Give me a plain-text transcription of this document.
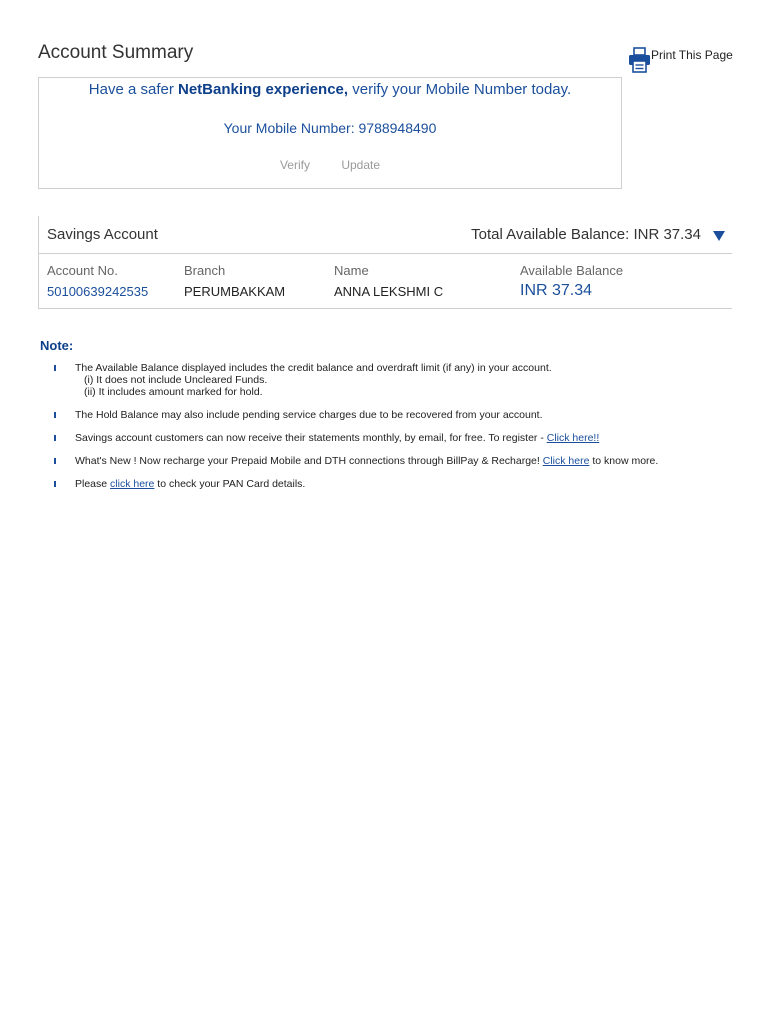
Account Summary	Print This Page
Have a safer NetBanking experience, verify your Mobile Number today.
Your Mobile Number: 9788948490
Verify	Update
Savings Account	Total Available Balance: INR 37.34
Account No.	Branch	Name	Available Balance
50100639242535	PERUMBAKKAM	ANNA LEKSHMI C	INR 37.34
Note:
The Available Balance displayed includes the credit balance and overdraft limit (if any) in your account.
(i) It does not include Uncleared Funds.
(ii) It includes amount marked for hold.
The Hold Balance may also include pending service charges due to be recovered from your account.
Savings account customers can now receive their statements monthly, by email, for free. To register - Click here!!
What's New ! Now recharge your Prepaid Mobile and DTH connections through BillPay & Recharge! Click here to know more.
Please click here to check your PAN Card details.
